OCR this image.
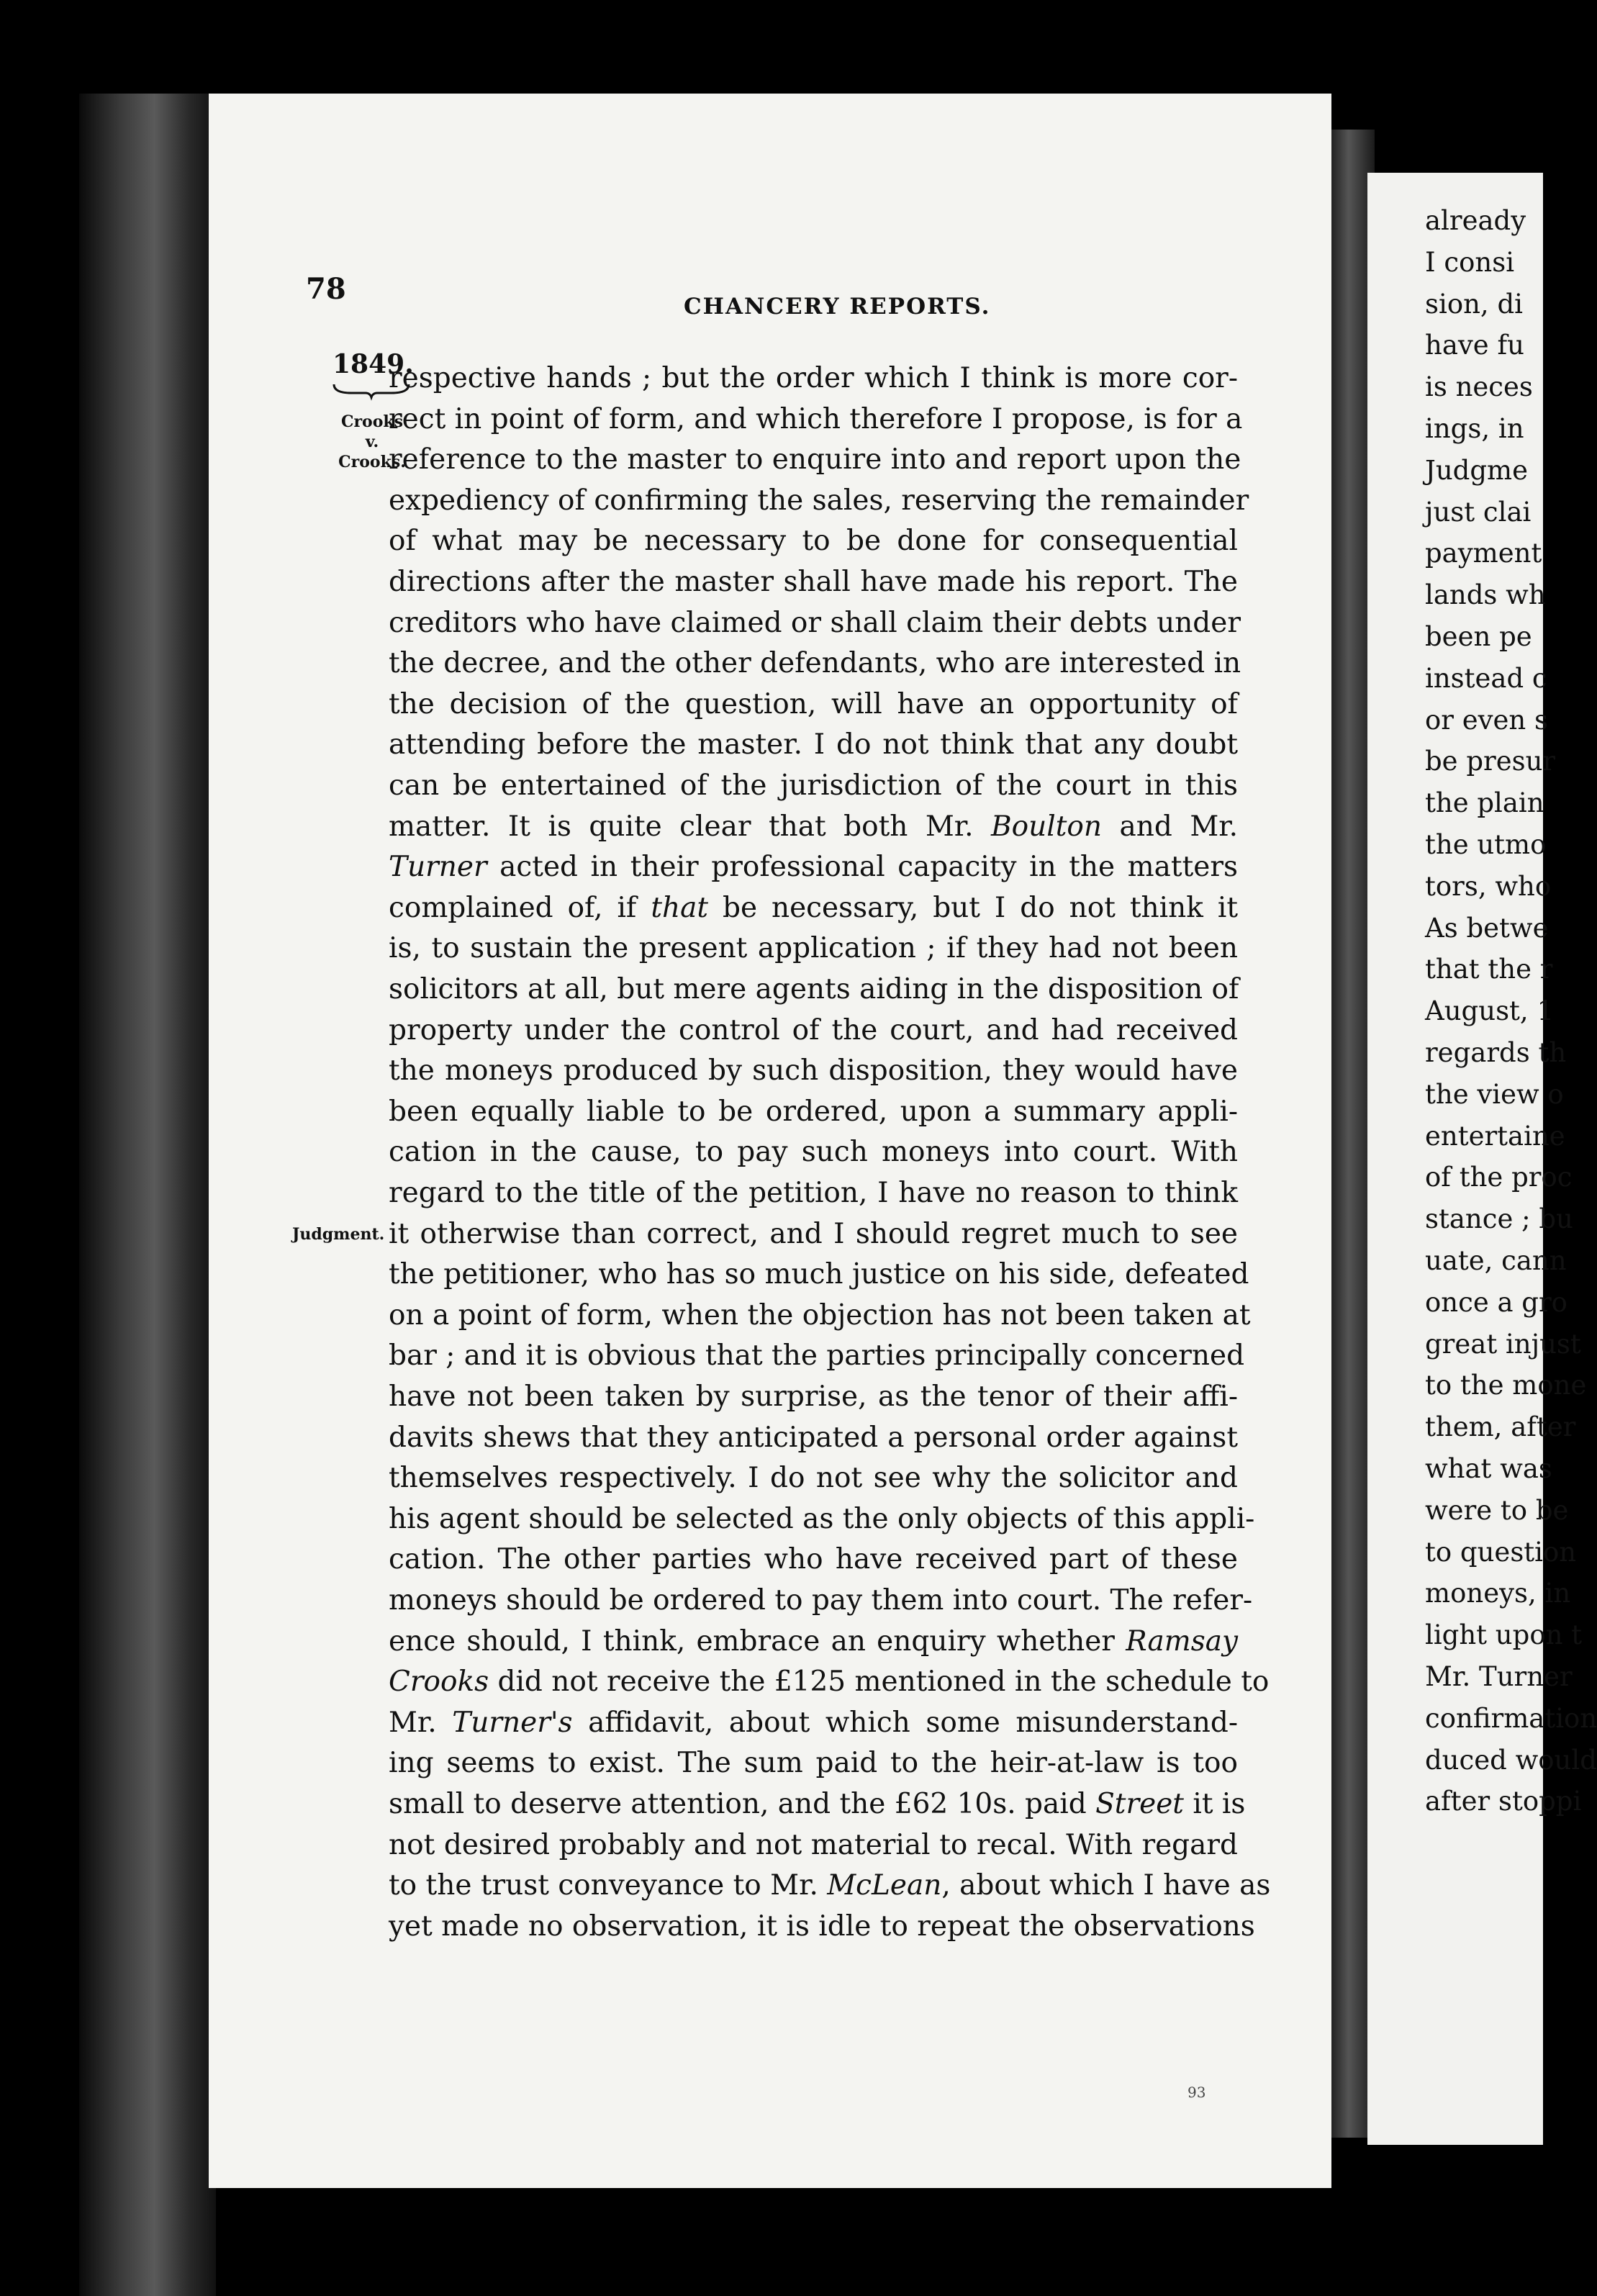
already
I consi
sion, di
have fu
is neces
ings, in
Judgme
just clai
payment
lands wh
been pe
instead c
or even s
be presur
the plain
the utmo
tors, who
As betwe
that the r
August, 1
regards th
the view o
entertaine
of the proc
stance ; bu
uate, cann
once a gro
great injust
to the mone
them, after
what was
were to be
to question
moneys, in
light upon t
Mr. Turner
confirmation
duced would
after stoppi
78
CHANCERY REPORTS.
1849.
Crooks
v.
Crooks.
Judgment.
respective hands ; but the order which I think is more cor-
rect in point of form, and which therefore I propose, is for a
reference to the master to enquire into and report upon the
expediency of confirming the sales, reserving the remainder
of what may be necessary to be done for consequential
directions after the master shall have made his report. The
creditors who have claimed or shall claim their debts under
the decree, and the other defendants, who are interested in
the decision of the question, will have an opportunity of
attending before the master. I do not think that any doubt
can be entertained of the jurisdiction of the court in this
matter. It is quite clear that both Mr. Boulton and Mr.
Turner acted in their professional capacity in the matters
complained of, if that be necessary, but I do not think it
is, to sustain the present application ; if they had not been
solicitors at all, but mere agents aiding in the disposition of
property under the control of the court, and had received
the moneys produced by such disposition, they would have
been equally liable to be ordered, upon a summary appli-
cation in the cause, to pay such moneys into court. With
regard to the title of the petition, I have no reason to think
it otherwise than correct, and I should regret much to see
the petitioner, who has so much justice on his side, defeated
on a point of form, when the objection has not been taken at
bar ; and it is obvious that the parties principally concerned
have not been taken by surprise, as the tenor of their affi-
davits shews that they anticipated a personal order against
themselves respectively. I do not see why the solicitor and
his agent should be selected as the only objects of this appli-
cation. The other parties who have received part of these
moneys should be ordered to pay them into court. The refer-
ence should, I think, embrace an enquiry whether Ramsay
Crooks did not receive the £125 mentioned in the schedule to
Mr. Turner's affidavit, about which some misunderstand-
ing seems to exist. The sum paid to the heir-at-law is too
small to deserve attention, and the £62 10s. paid Street it is
not desired probably and not material to recal. With regard
to the trust conveyance to Mr. McLean, about which I have as
yet made no observation, it is idle to repeat the observations
93
